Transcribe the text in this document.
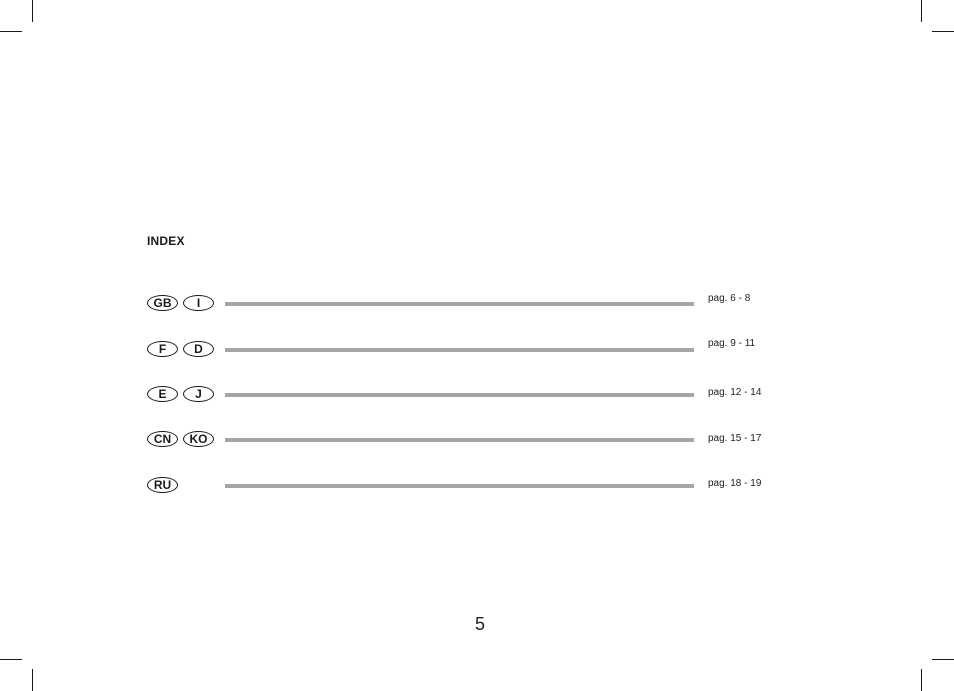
INDEX
GB	I	pag. 6 - 8
F	D	pag. 9 - 11
E	J	pag. 12 - 14
CN	KO	pag. 15 - 17
RU	pag. 18 - 19
5
